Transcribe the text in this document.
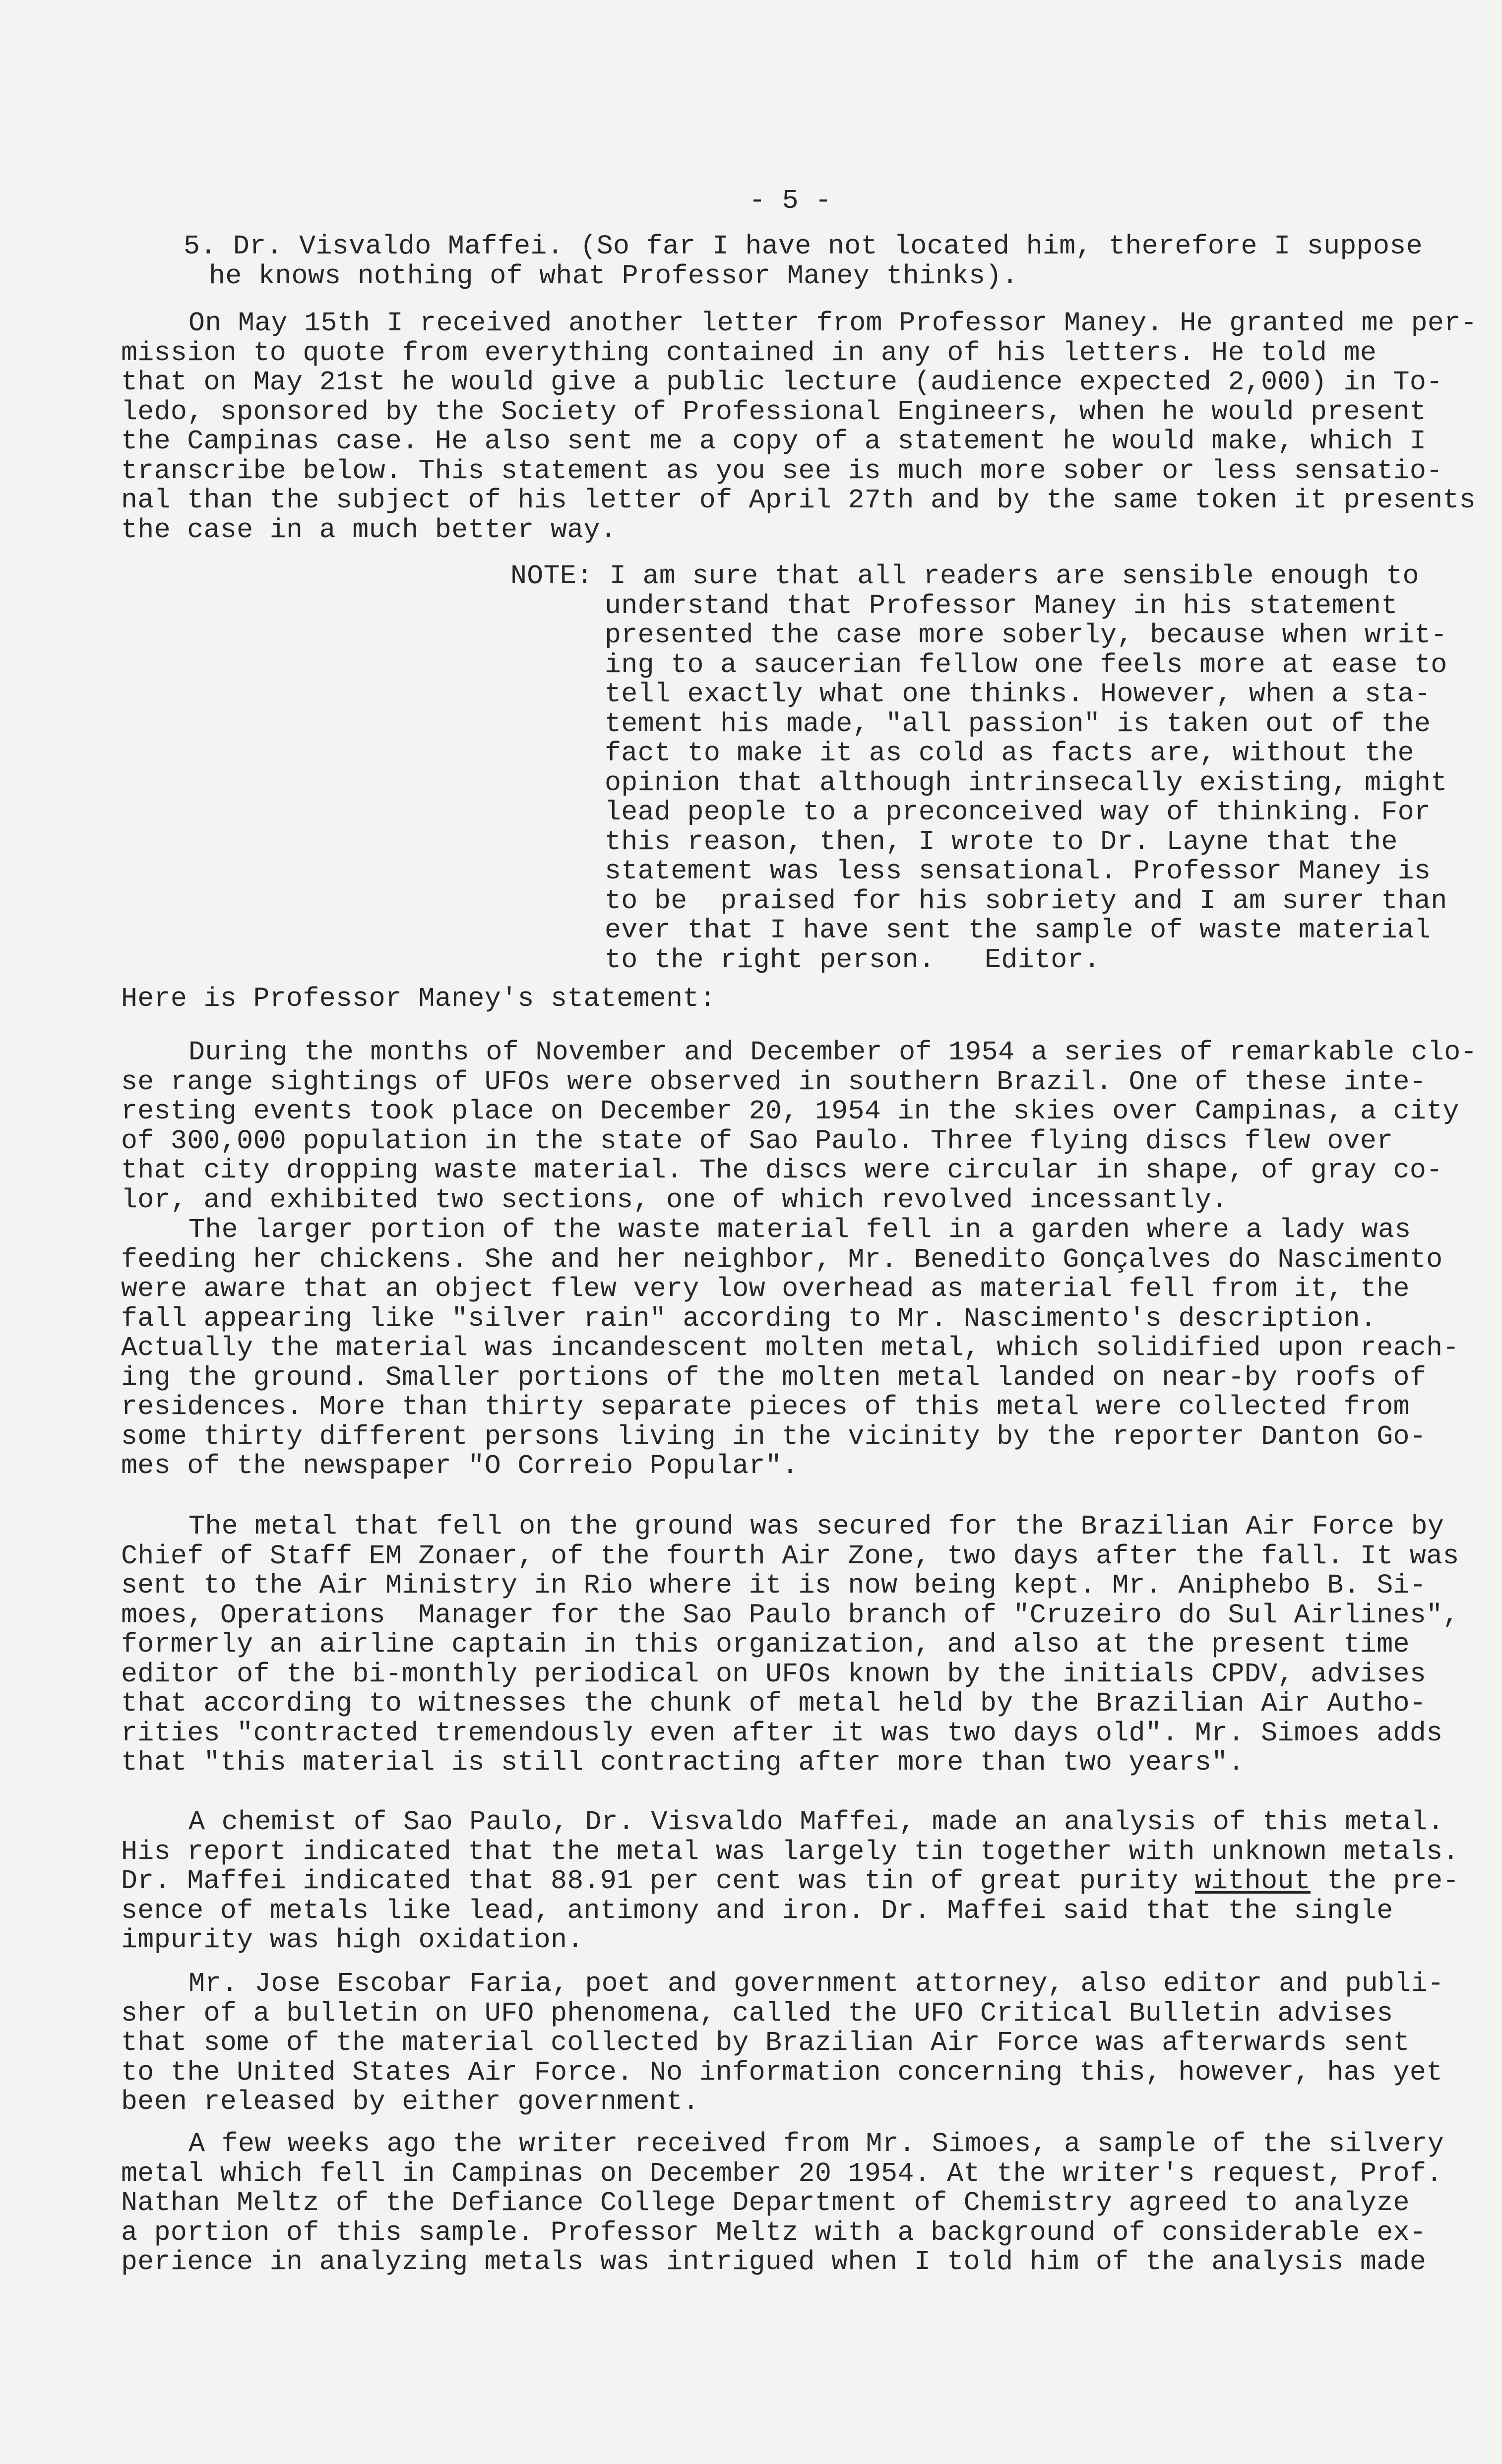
- 5 -
5. Dr. Visvaldo Maffei. (So far I have not located him, therefore I suppose
he knows nothing of what Professor Maney thinks).
On May 15th I received another letter from Professor Maney. He granted me per-
mission to quote from everything contained in any of his letters. He told me
that on May 21st he would give a public lecture (audience expected 2,000) in To-
ledo, sponsored by the Society of Professional Engineers, when he would present
the Campinas case. He also sent me a copy of a statement he would make, which I
transcribe below. This statement as you see is much more sober or less sensatio-
nal than the subject of his letter of April 27th and by the same token it presents
the case in a much better way.
NOTE: I am sure that all readers are sensible enough to
understand that Professor Maney in his statement
presented the case more soberly, because when writ-
ing to a saucerian fellow one feels more at ease to
tell exactly what one thinks. However, when a sta-
tement his made, "all passion" is taken out of the
fact to make it as cold as facts are, without the
opinion that although intrinsecally existing, might
lead people to a preconceived way of thinking. For
this reason, then, I wrote to Dr. Layne that the
statement was less sensational. Professor Maney is
to be  praised for his sobriety and I am surer than
ever that I have sent the sample of waste material
to the right person.   Editor.
Here is Professor Maney's statement:
During the months of November and December of 1954 a series of remarkable clo-
se range sightings of UFOs were observed in southern Brazil. One of these inte-
resting events took place on December 20, 1954 in the skies over Campinas, a city
of 300,000 population in the state of Sao Paulo. Three flying discs flew over
that city dropping waste material. The discs were circular in shape, of gray co-
lor, and exhibited two sections, one of which revolved incessantly.
The larger portion of the waste material fell in a garden where a lady was
feeding her chickens. She and her neighbor, Mr. Benedito Gonçalves do Nascimento
were aware that an object flew very low overhead as material fell from it, the
fall appearing like "silver rain" according to Mr. Nascimento's description.
Actually the material was incandescent molten metal, which solidified upon reach-
ing the ground. Smaller portions of the molten metal landed on near-by roofs of
residences. More than thirty separate pieces of this metal were collected from
some thirty different persons living in the vicinity by the reporter Danton Go-
mes of the newspaper "O Correio Popular".
The metal that fell on the ground was secured for the Brazilian Air Force by
Chief of Staff EM Zonaer, of the fourth Air Zone, two days after the fall. It was
sent to the Air Ministry in Rio where it is now being kept. Mr. Aniphebo B. Si-
moes, Operations  Manager for the Sao Paulo branch of "Cruzeiro do Sul Airlines",
formerly an airline captain in this organization, and also at the present time
editor of the bi-monthly periodical on UFOs known by the initials CPDV, advises
that according to witnesses the chunk of metal held by the Brazilian Air Autho-
rities "contracted tremendously even after it was two days old". Mr. Simoes adds
that "this material is still contracting after more than two years".
A chemist of Sao Paulo, Dr. Visvaldo Maffei, made an analysis of this metal.
His report indicated that the metal was largely tin together with unknown metals.
Dr. Maffei indicated that 88.91 per cent was tin of great purity without the pre-
sence of metals like lead, antimony and iron. Dr. Maffei said that the single
impurity was high oxidation.
Mr. Jose Escobar Faria, poet and government attorney, also editor and publi-
sher of a bulletin on UFO phenomena, called the UFO Critical Bulletin advises
that some of the material collected by Brazilian Air Force was afterwards sent
to the United States Air Force. No information concerning this, however, has yet
been released by either government.
A few weeks ago the writer received from Mr. Simoes, a sample of the silvery
metal which fell in Campinas on December 20 1954. At the writer's request, Prof.
Nathan Meltz of the Defiance College Department of Chemistry agreed to analyze
a portion of this sample. Professor Meltz with a background of considerable ex-
perience in analyzing metals was intrigued when I told him of the analysis made
